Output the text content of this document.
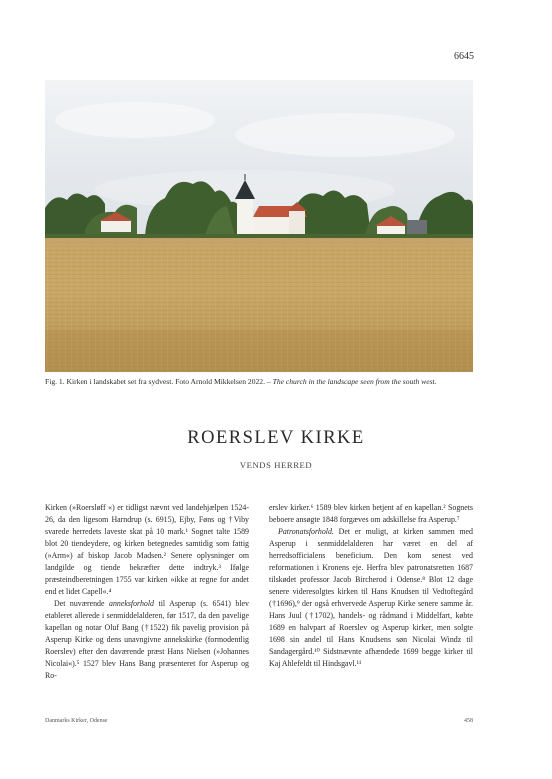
6645

Fig. 1. Kirken i landskabet set fra sydvest. Foto Arnold Mikkelsen 2022. – The church in the landscape seen from the south west.

ROERSLEV KIRKE
VENDS HERRED

Kirken (»Roersløff «) er tidligst nævnt ved landehjælpen 1524-26, da den ligesom Harndrup (s. 6915), Ejby, Føns og †Viby svarede herredets laveste skat på 10 mark.¹ Sognet talte 1589 blot 20 tiendeydere, og kirken betegnedes samtidig som fattig (»Arm«) af biskop Jacob Madsen.² Senere oplysninger om landgilde og tiende bekræfter dette indtryk.³ Ifølge præsteindberetningen 1755 var kirken »ikke at regne for andet end et lidet Capell«.⁴

Det nuværende anneksforhold til Asperup (s. 6541) blev etableret allerede i senmiddelalderen, før 1517, da den pavelige kapellan og notar Oluf Bang (†1522) fik pavelig provision på Asperup Kirke og dens unavngivne annekskirke (formodentlig Roerslev) efter den daværende præst Hans Nielsen (»Johannes Nicolai«).⁵ 1527 blev Hans Bang præsenteret for Asperup og Ro-

erslev kirker.⁶ 1589 blev kirken betjent af en kapellan.² Sognets beboere ansøgte 1848 forgæves om adskillelse fra Asperup.⁷

Patronatsforhold. Det er muligt, at kirken sammen med Asperup i senmiddelalderen har været en del af herredsofficialens beneficium. Den kom senest ved reformationen i Kronens eje. Herfra blev patronatsretten 1687 tilskødet professor Jacob Bircherod i Odense.⁸ Blot 12 dage senere videresolgtes kirken til Hans Knudsen til Vedtoftegård (†1696),⁹ der også erhvervede Asperup Kirke senere samme år. Hans Juul (†1702), handels- og rådmand i Middelfart, købte 1689 en halvpart af Roerslev og Asperup kirker, men solgte 1698 sin andel til Hans Knudsens søn Nicolai Windz til Sandagergård.¹⁰ Sidstnævnte afhændede 1699 begge kirker til Kaj Ahlefeldt til Hindsgavl.¹¹

Danmarks Kirker, Odense	458
